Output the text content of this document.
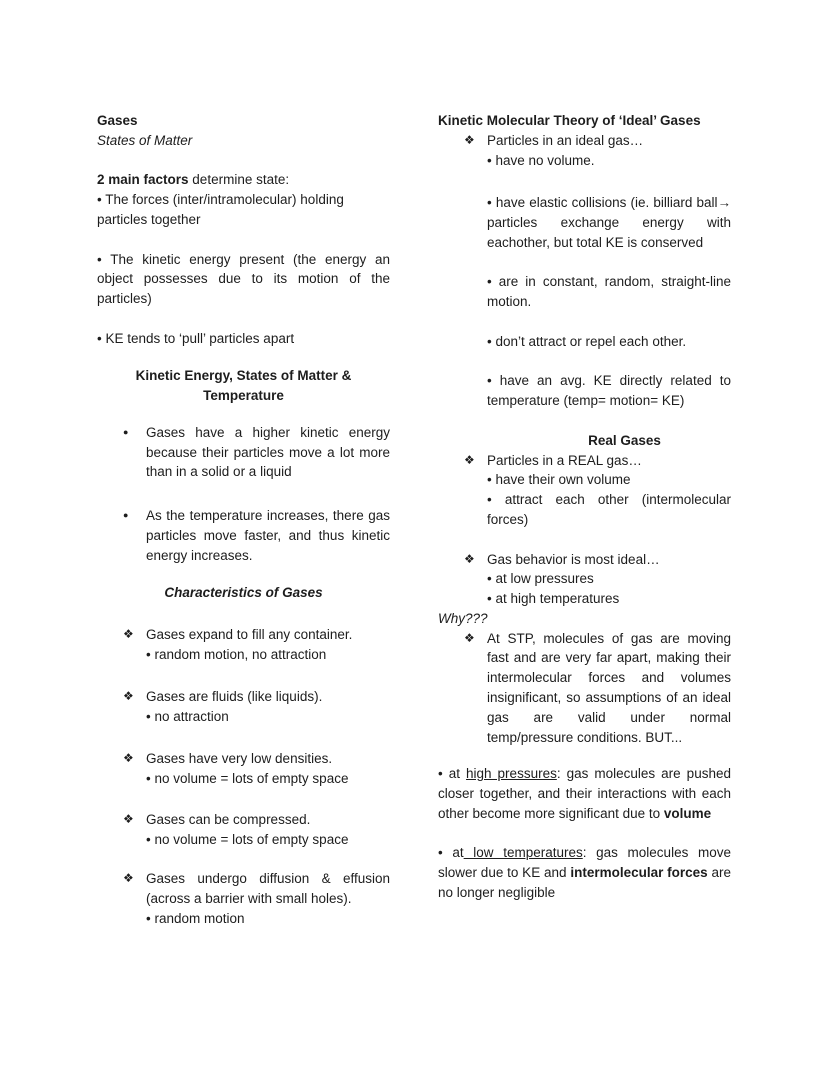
Gases
States of Matter
2 main factors determine state:
• The forces (inter/intramolecular) holding particles together
• The kinetic energy present (the energy an object possesses due to its motion of the particles)
• KE tends to ‘pull’ particles apart
Kinetic Energy, States of Matter & Temperature
● Gases have a higher kinetic energy because their particles move a lot more than in a solid or a liquid
● As the temperature increases, there gas particles move faster, and thus kinetic energy increases.
Characteristics of Gases
❖ Gases expand to fill any container.
• random motion, no attraction
❖ Gases are fluids (like liquids).
• no attraction
❖ Gases have very low densities.
• no volume = lots of empty space
❖ Gases can be compressed.
• no volume = lots of empty space
❖ Gases undergo diffusion & effusion (across a barrier with small holes).
• random motion
Kinetic Molecular Theory of ‘Ideal’ Gases
❖ Particles in an ideal gas…
• have no volume.
• have elastic collisions (ie. billiard ball→ particles exchange energy with eachother, but total KE is conserved
• are in constant, random, straight-line motion.
• don’t attract or repel each other.
• have an avg. KE directly related to temperature (temp= motion= KE)
Real Gases
❖ Particles in a REAL gas…
• have their own volume
• attract each other (intermolecular forces)
❖ Gas behavior is most ideal…
• at low pressures
• at high temperatures
Why???
❖ At STP, molecules of gas are moving fast and are very far apart, making their intermolecular forces and volumes insignificant, so assumptions of an ideal gas are valid under normal temp/pressure conditions. BUT...
• at high pressures: gas molecules are pushed closer together, and their interactions with each other become more significant due to volume
• at low temperatures: gas molecules move slower due to KE and intermolecular forces are no longer negligible
